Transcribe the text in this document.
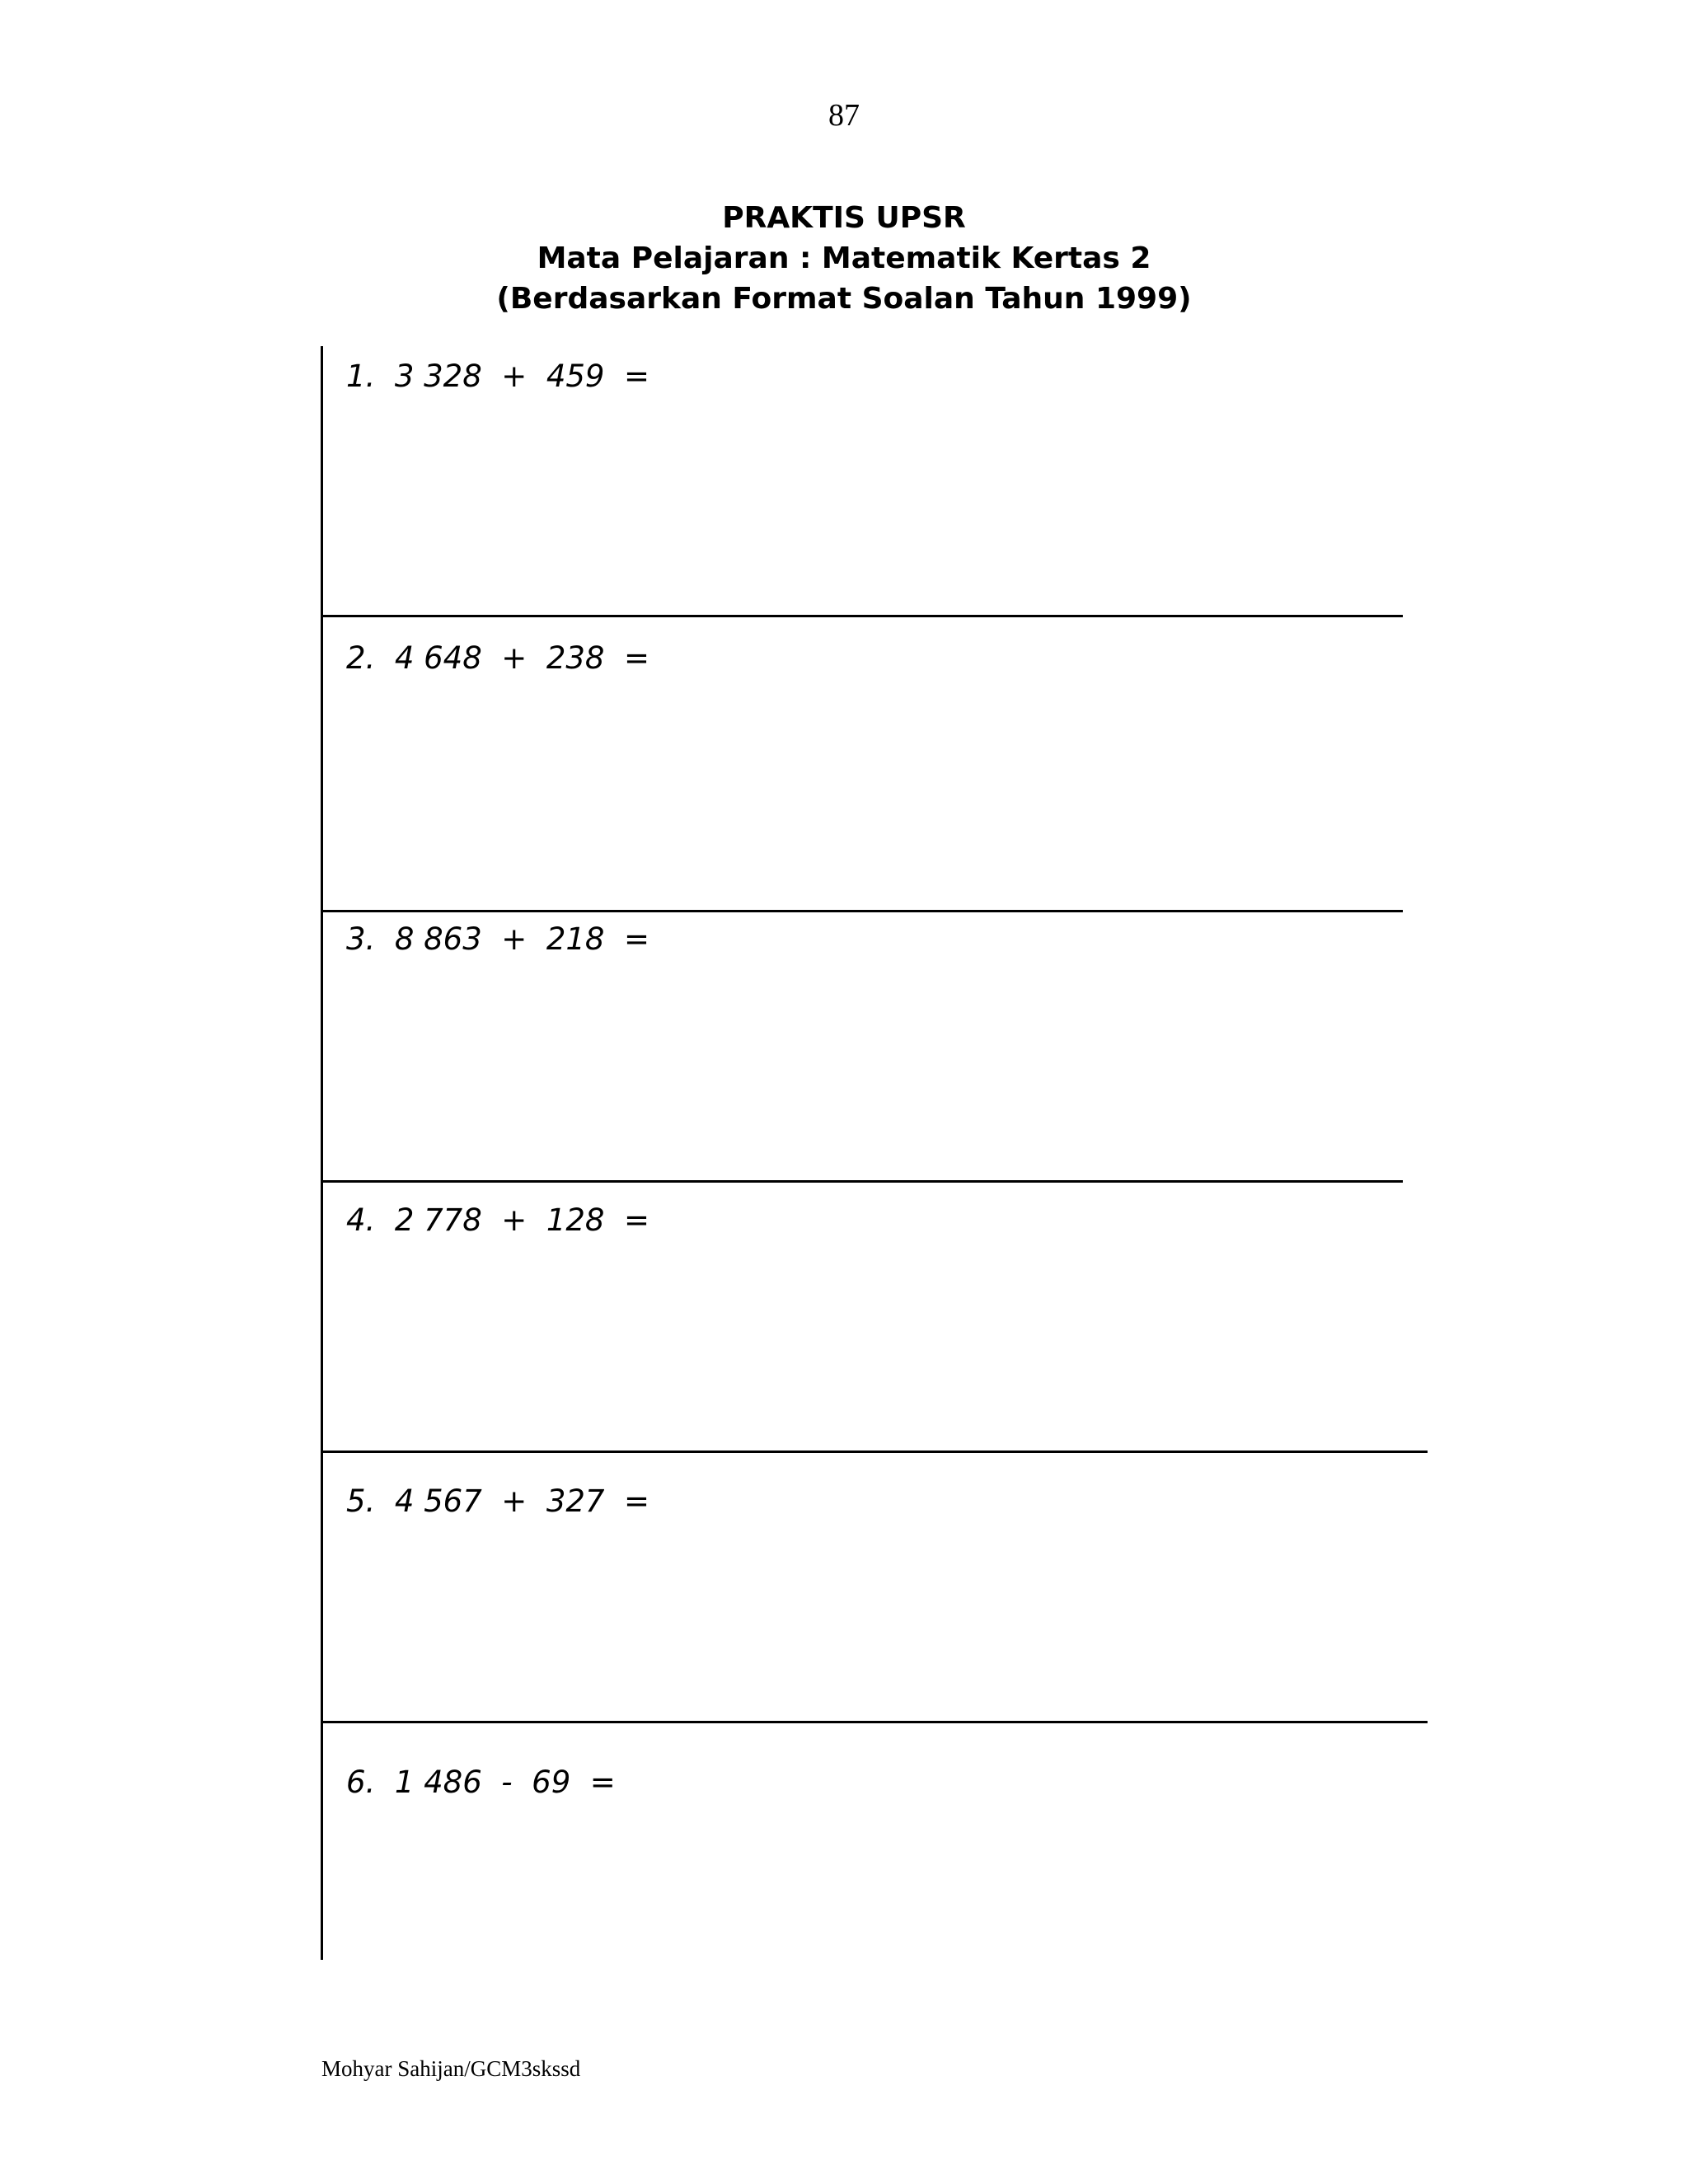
87
PRAKTIS UPSR
Mata Pelajaran : Matematik Kertas 2
(Berdasarkan Format Soalan Tahun 1999)
1. 3 328  +  459  =
2. 4 648  +  238  =
3. 8 863  +  218  =
4. 2 778  +  128  =
5. 4 567  +  327  =
6. 1 486  -  69  =
Mohyar Sahijan/GCM3skssd
